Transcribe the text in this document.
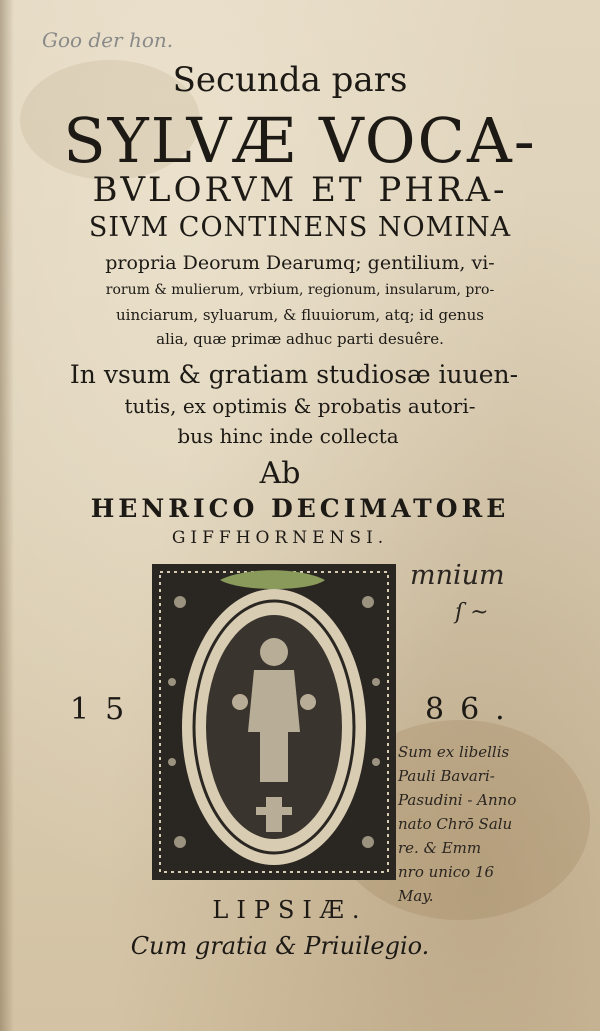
Goo der hon.
Secunda pars
SYLVÆ VOCA-
BVLORVM ET PHRA-
SIVM CONTINENS NOMINA
propria Deorum Dearumq; gentilium, vi-
rorum & mulierum, vrbium, regionum, insularum, pro-
uinciarum, syluarum, & fluuiorum, atq; id genus
alia, quæ primæ adhuc parti desuêre.
In vsum & gratiam studiosæ iuuen-
tutis, ex optimis & probatis autori-
bus hinc inde collecta
Ab
HENRICO DECIMATORE
GIFFHORNENSI.
mnium
ſ ~
15	86.
Sum ex libellis
Pauli Bavari-
Pasudini - Anno
nato Chrō Salu
re. & Emm
nro unico 16
May.
LIPSIÆ.
Cum gratia & Priuilegio.
